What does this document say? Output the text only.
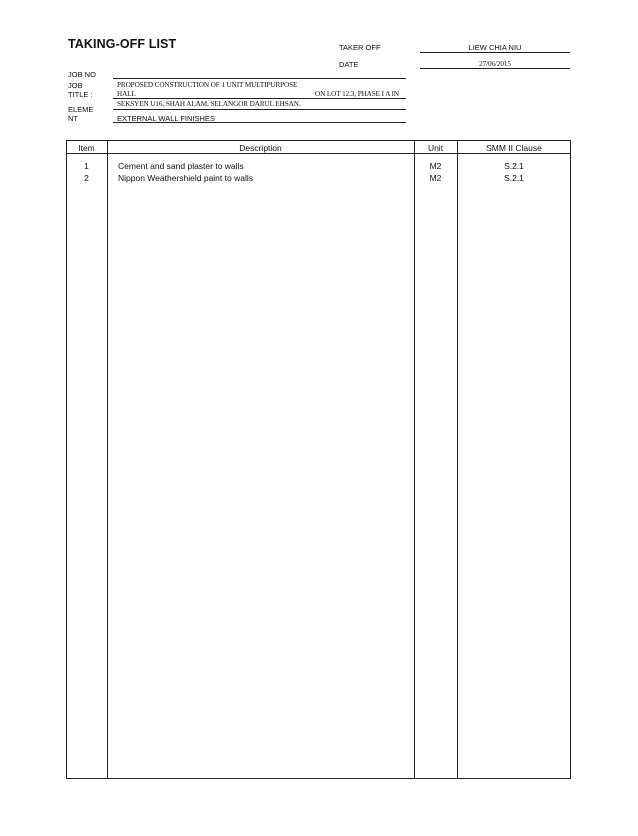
TAKING-OFF LIST	TAKER OFF	LIEW CHIA NIU
DATE	27/06/2015
JOB NO
JOB	PROPOSED CONSTRUCTION OF 1 UNIT MULTIPURPOSE
TITLE :	HALL	ON LOT 12.3, PHASE I A IN
SEKSYEN U16, SHAH ALAM, SELANGOR DARUL EHSAN.
ELEME
NT	EXTERNAL WALL FINISHES
Item	Description	Unit	SMM II Clause
1	Cement and sand plaster to walls	M2	S.2.1
2	Nippon Weathershield paint to walls	M2	S.2.1
